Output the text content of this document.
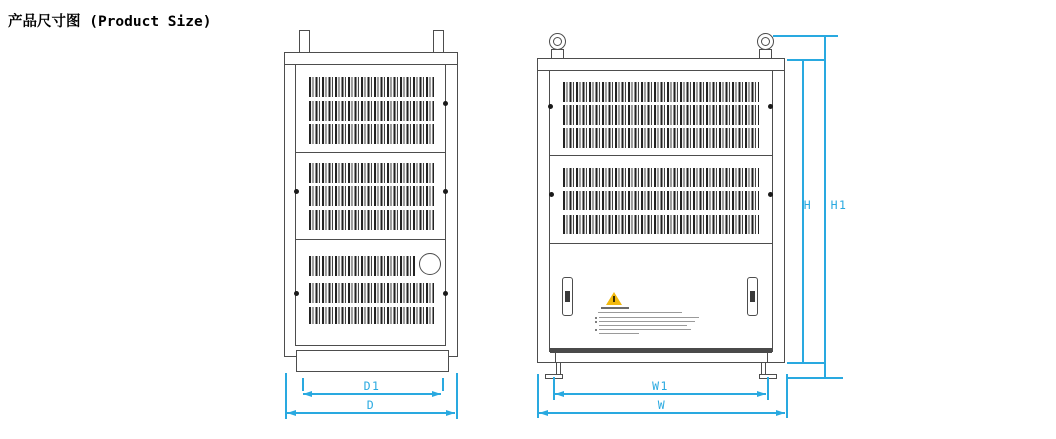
产品尺寸图 (Product Size)
D1
D
W1
W
H	H1
